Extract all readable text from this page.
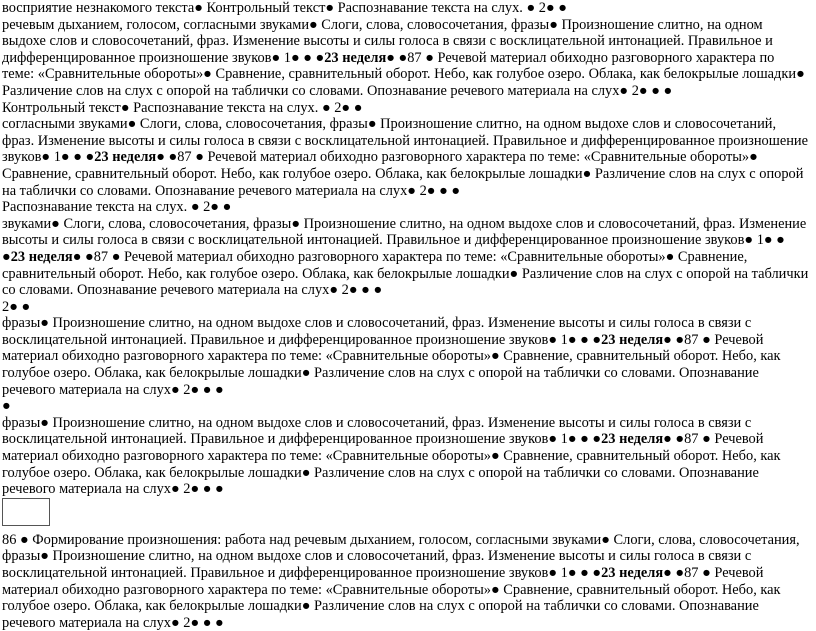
восприятие незнакомого текста● Контрольный текст● Распознавание текста на слух. ● 2● ●

речевым дыханием, голосом, согласными звуками● Слоги, слова, словосочетания, фразы● Произношение слитно, на одном выдохе слов и словосочетаний, фраз. Изменение высоты и силы голоса в связи с восклицательной интонацией. Правильное и дифференцированное произношение звуков● 1● ● ●23 неделя● ●87 ● Речевой материал обиходно разговорного характера по теме: «Сравнительные обороты»● Сравнение, сравнительный оборот. Небо, как голубое озеро. Облака, как белокрылые лошадки● Различение слов на слух с опорой на таблички со словами. Опознавание речевого материала на слух● 2● ● ●

Контрольный текст● Распознавание текста на слух. ● 2● ●

согласными звуками● Слоги, слова, словосочетания, фразы● Произношение слитно, на одном выдохе слов и словосочетаний, фраз. Изменение высоты и силы голоса в связи с восклицательной интонацией. Правильное и дифференцированное произношение звуков● 1● ● ●23 неделя● ●87 ● Речевой материал обиходно разговорного характера по теме: «Сравнительные обороты»● Сравнение, сравнительный оборот. Небо, как голубое озеро. Облака, как белокрылые лошадки● Различение слов на слух с опорой на таблички со словами. Опознавание речевого материала на слух● 2● ● ●

Распознавание текста на слух. ● 2● ●

звуками● Слоги, слова, словосочетания, фразы● Произношение слитно, на одном выдохе слов и словосочетаний, фраз. Изменение высоты и силы голоса в связи с восклицательной интонацией. Правильное и дифференцированное произношение звуков● 1● ● ●23 неделя● ●87 ● Речевой материал обиходно разговорного характера по теме: «Сравнительные обороты»● Сравнение, сравнительный оборот. Небо, как голубое озеро. Облака, как белокрылые лошадки● Различение слов на слух с опорой на таблички со словами. Опознавание речевого материала на слух● 2● ● ●

2● ●

фразы● Произношение слитно, на одном выдохе слов и словосочетаний, фраз. Изменение высоты и силы голоса в связи с восклицательной интонацией. Правильное и дифференцированное произношение звуков● 1● ● ●23 неделя● ●87 ● Речевой материал обиходно разговорного характера по теме: «Сравнительные обороты»● Сравнение, сравнительный оборот. Небо, как голубое озеро. Облака, как белокрылые лошадки● Различение слов на слух с опорой на таблички со словами. Опознавание речевого материала на слух● 2● ● ●

●

фразы● Произношение слитно, на одном выдохе слов и словосочетаний, фраз. Изменение высоты и силы голоса в связи с восклицательной интонацией. Правильное и дифференцированное произношение звуков● 1● ● ●23 неделя● ●87 ● Речевой материал обиходно разговорного характера по теме: «Сравнительные обороты»● Сравнение, сравнительный оборот. Небо, как голубое озеро. Облака, как белокрылые лошадки● Различение слов на слух с опорой на таблички со словами. Опознавание речевого материала на слух● 2● ● ●

86 ● Формирование произношения: работа над речевым дыханием, голосом, согласными звуками● Слоги, слова, словосочетания, фразы● Произношение слитно, на одном выдохе слов и словосочетаний, фраз. Изменение высоты и силы голоса в связи с восклицательной интонацией. Правильное и дифференцированное произношение звуков● 1● ● ●23 неделя● ●87 ● Речевой материал обиходно разговорного характера по теме: «Сравнительные обороты»● Сравнение, сравнительный оборот. Небо, как голубое озеро. Облака, как белокрылые лошадки● Различение слов на слух с опорой на таблички со словами. Опознавание речевого материала на слух● 2● ● ●
